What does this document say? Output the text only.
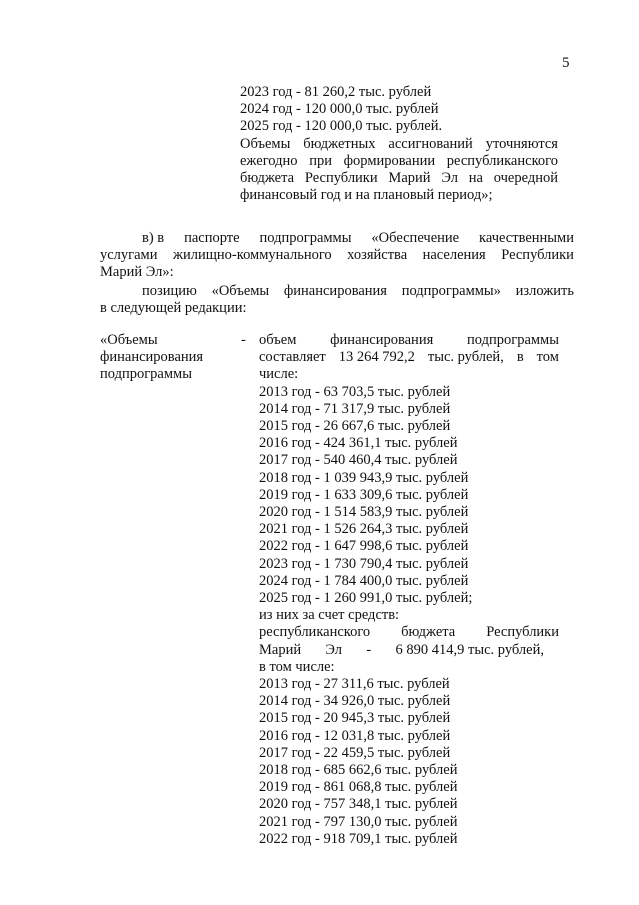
5
2023 год - 81 260,2 тыс. рублей
2024 год - 120 000,0 тыс. рублей
2025 год - 120 000,0 тыс. рублей.
Объемы бюджетных ассигнований уточняются
ежегодно при формировании республиканского
бюджета Республики Марий Эл на очередной
финансовый год и на плановый период»;
в) в паспорте подпрограммы «Обеспечение качественными
услугами жилищно-коммунального хозяйства населения Республики
Марий Эл»:
позицию «Объемы финансирования подпрограммы» изложить
в следующей редакции:
«Объемы
финансирования
подпрограммы
- объем финансирования подпрограммы
составляет 13 264 792,2 тыс. рублей, в том
числе:
2013 год - 63 703,5 тыс. рублей
2014 год - 71 317,9 тыс. рублей
2015 год - 26 667,6 тыс. рублей
2016 год - 424 361,1 тыс. рублей
2017 год - 540 460,4 тыс. рублей
2018 год - 1 039 943,9 тыс. рублей
2019 год - 1 633 309,6 тыс. рублей
2020 год - 1 514 583,9 тыс. рублей
2021 год - 1 526 264,3 тыс. рублей
2022 год - 1 647 998,6 тыс. рублей
2023 год - 1 730 790,4 тыс. рублей
2024 год - 1 784 400,0 тыс. рублей
2025 год - 1 260 991,0 тыс. рублей;
из них за счет средств:
республиканского бюджета Республики
Марий Эл - 6 890 414,9 тыс. рублей,
в том числе:
2013 год - 27 311,6 тыс. рублей
2014 год - 34 926,0 тыс. рублей
2015 год - 20 945,3 тыс. рублей
2016 год - 12 031,8 тыс. рублей
2017 год - 22 459,5 тыс. рублей
2018 год - 685 662,6 тыс. рублей
2019 год - 861 068,8 тыс. рублей
2020 год - 757 348,1 тыс. рублей
2021 год - 797 130,0 тыс. рублей
2022 год - 918 709,1 тыс. рублей
